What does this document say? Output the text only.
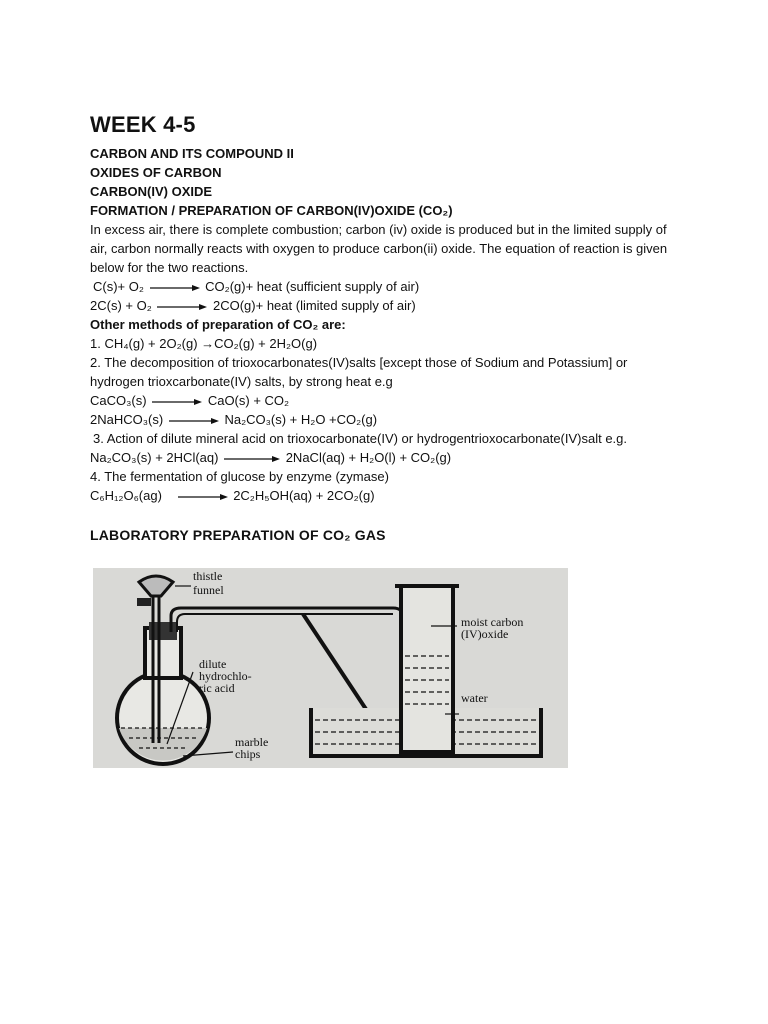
WEEK 4-5
CARBON AND ITS COMPOUND II
OXIDES OF CARBON
CARBON(IV) OXIDE
FORMATION / PREPARATION OF CARBON(IV)OXIDE (CO₂)
In excess air, there is complete combustion; carbon (iv) oxide is produced but in the limited supply of air, carbon normally reacts with oxygen to produce carbon(ii) oxide. The equation of reaction is given below for the two reactions.
C(s)+ O₂	CO₂(g)+ heat (sufficient supply of air)
2C(s) + O₂	2CO(g)+ heat (limited supply of air)
Other methods of preparation of CO₂ are:
1. CH₄(g) + 2O₂(g) →CO₂(g) + 2H₂O(g)
2. The decomposition of trioxocarbonates(IV)salts [except those of Sodium and Potassium] or hydrogen trioxcarbonate(IV) salts, by strong heat e.g
CaCO₃(s)	CaO(s) + CO₂
2NaHCO₃(s)	Na₂CO₃(s) + H₂O +CO₂(g)
3. Action of dilute mineral acid on trioxocarbonate(IV) or hydrogentrioxocarbonate(IV)salt e.g.
Na₂CO₃(s) + 2HCl(aq)	2NaCl(aq) + H₂O(l) + CO₂(g)
4. The fermentation of glucose by enzyme (zymase)
C₆H₁₂O₆(ag)	2C₂H₅OH(aq) + 2CO₂(g)
LABORATORY PREPARATION OF CO₂ GAS
thistle
funnel
dilute
hydrochlo-
ric acid
marble
chips
moist carbon
(IV)oxide
water
